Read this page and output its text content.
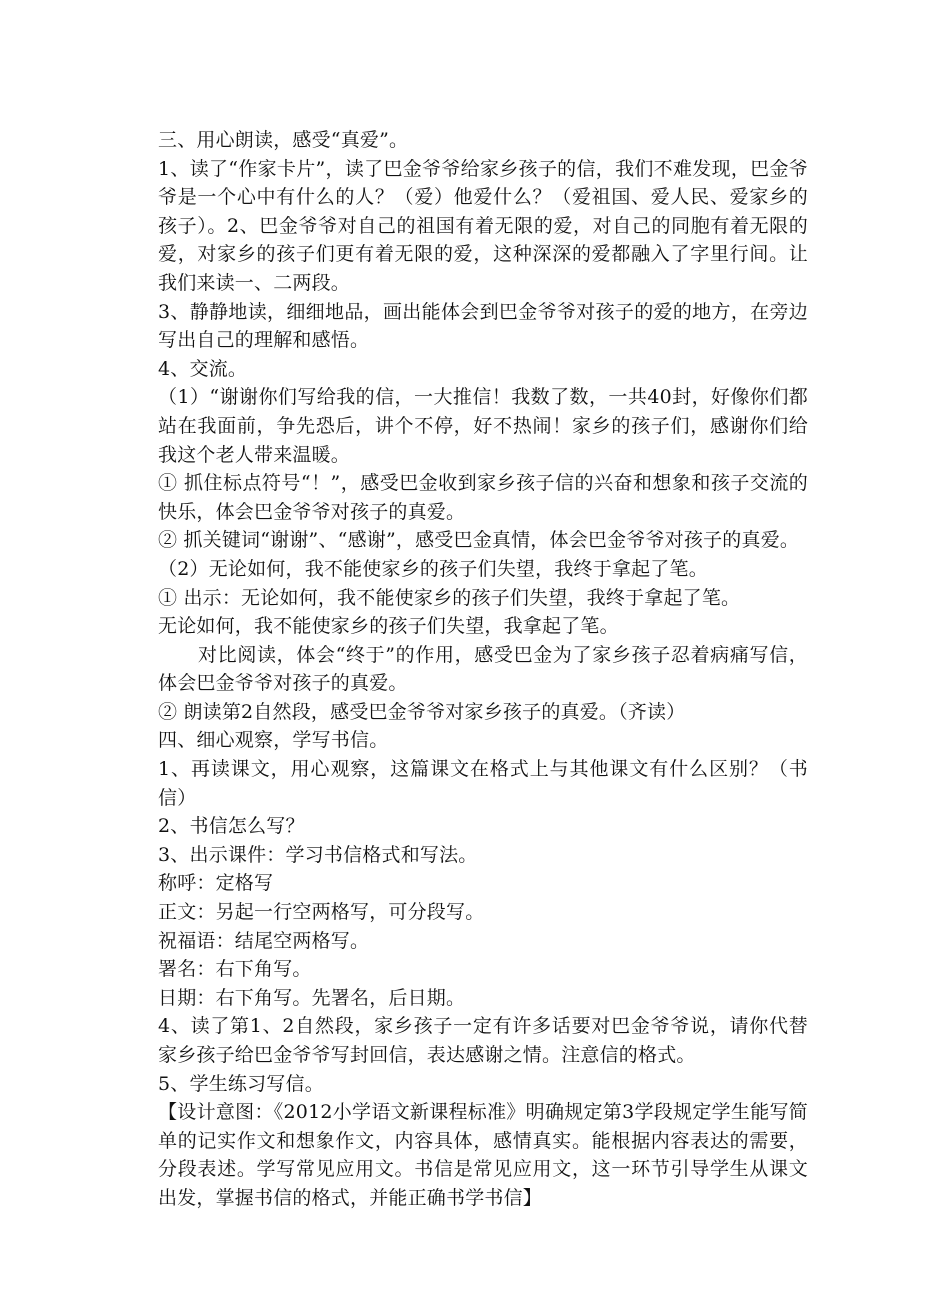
三、用心朗读，感受“真爱”。

1、读了“作家卡片”，读了巴金爷爷给家乡孩子的信，我们不难发现，巴金爷爷是一个心中有什么的人？（爱）他爱什么？（爱祖国、爱人民、爱家乡的孩子）。2、巴金爷爷对自己的祖国有着无限的爱，对自己的同胞有着无限的爱，对家乡的孩子们更有着无限的爱，这种深深的爱都融入了字里行间。让我们来读一、二两段。

3、静静地读，细细地品，画出能体会到巴金爷爷对孩子的爱的地方，在旁边写出自己的理解和感悟。

4、交流。

（1）“谢谢你们写给我的信，一大推信！我数了数，一共40封，好像你们都站在我面前，争先恐后，讲个不停，好不热闹！家乡的孩子们，感谢你们给我这个老人带来温暖。

① 抓住标点符号“！”，感受巴金收到家乡孩子信的兴奋和想象和孩子交流的快乐，体会巴金爷爷对孩子的真爱。

② 抓关键词“谢谢”、“感谢”，感受巴金真情，体会巴金爷爷对孩子的真爱。

（2）无论如何，我不能使家乡的孩子们失望，我终于拿起了笔。

① 出示：无论如何，我不能使家乡的孩子们失望，我终于拿起了笔。

无论如何，我不能使家乡的孩子们失望，我拿起了笔。

对比阅读，体会“终于”的作用，感受巴金为了家乡孩子忍着病痛写信，体会巴金爷爷对孩子的真爱。

② 朗读第2自然段，感受巴金爷爷对家乡孩子的真爱。（齐读）

四、细心观察，学写书信。

1、再读课文，用心观察，这篇课文在格式上与其他课文有什么区别？（书信）

2、书信怎么写？

3、出示课件：学习书信格式和写法。

称呼：定格写

正文：另起一行空两格写，可分段写。

祝福语：结尾空两格写。

署名：右下角写。

日期：右下角写。先署名，后日期。

4、读了第1、2自然段，家乡孩子一定有许多话要对巴金爷爷说，请你代替家乡孩子给巴金爷爷写封回信，表达感谢之情。注意信的格式。

5、学生练习写信。

【设计意图：《2012小学语文新课程标准》明确规定第3学段规定学生能写简单的记实作文和想象作文，内容具体，感情真实。能根据内容表达的需要，分段表述。学写常见应用文。书信是常见应用文，这一环节引导学生从课文出发，掌握书信的格式，并能正确书学书信】
